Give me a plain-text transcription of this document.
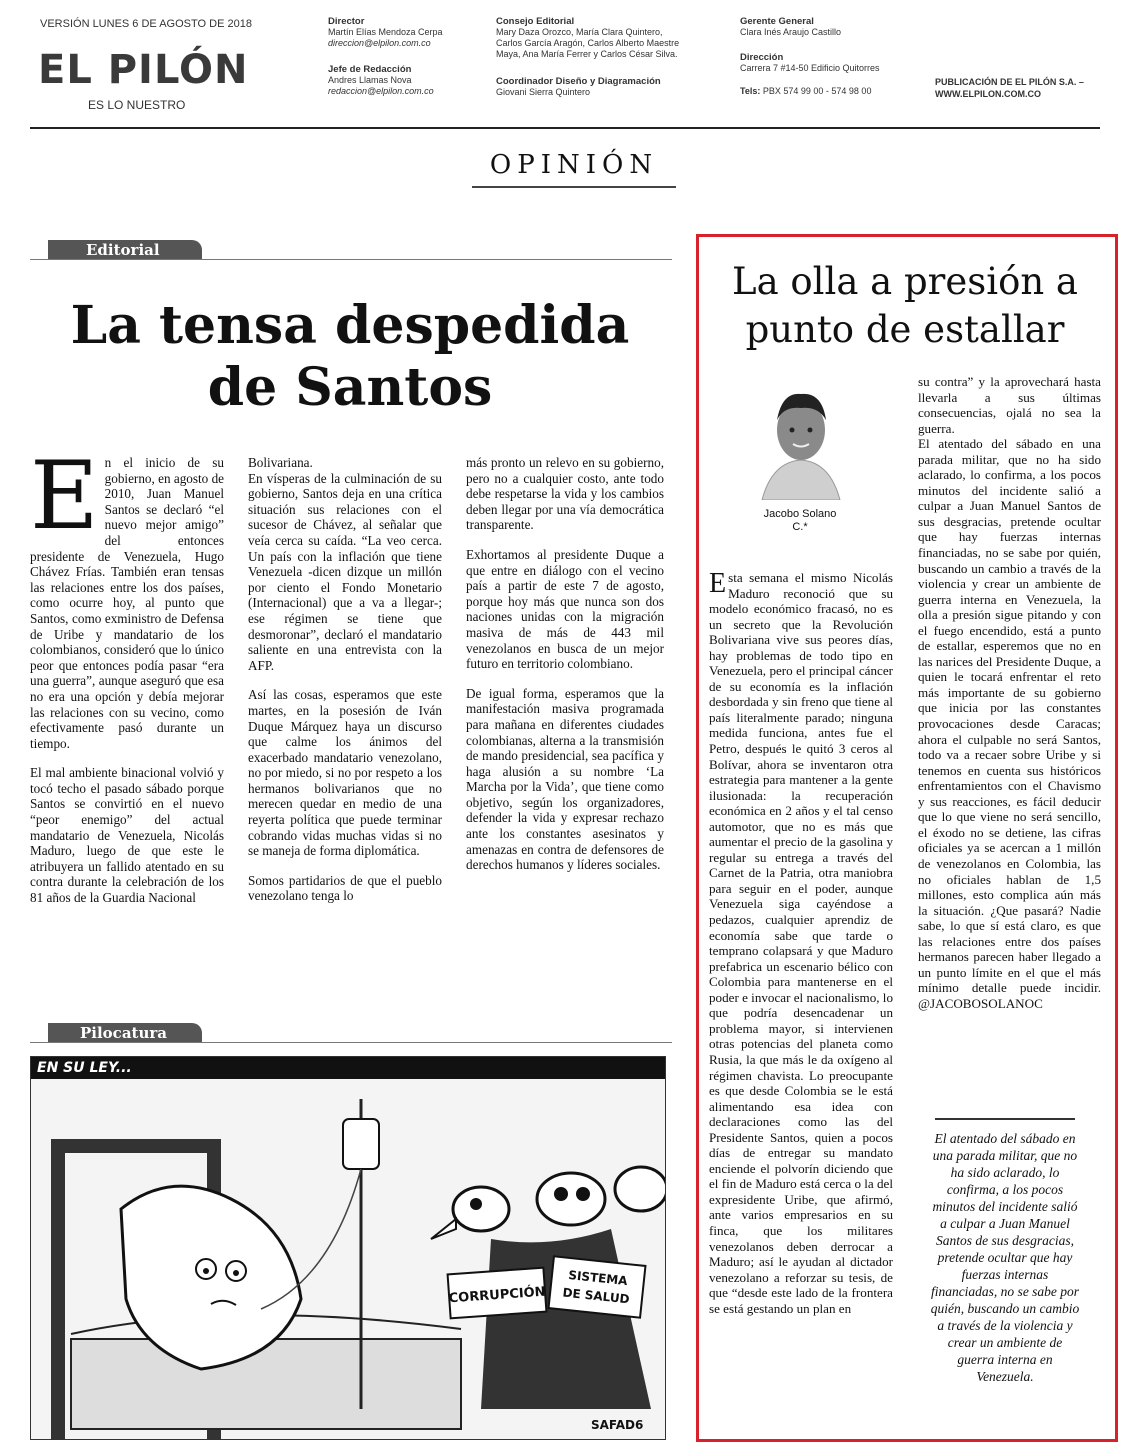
VERSIÓN LUNES 6 DE AGOSTO DE 2018
EL PILÓN
ES LO NUESTRO
Director
Martín Elías Mendoza Cerpa
direccion@elpilon.com.co
Jefe de Redacción
Andres Llamas Nova
redaccion@elpilon.com.co
Consejo Editorial
Mary Daza Orozco, María Clara Quintero,
Carlos García Aragón, Carlos Alberto Maestre
Maya, Ana María Ferrer y Carlos César Silva.
Coordinador Diseño y Diagramación
Giovani Sierra Quintero
Gerente General
Clara Inés Araujo Castillo
Dirección
Carrera 7 #14-50 Edificio Quitorres
Tels: PBX 574 99 00 - 574 98 00
PUBLICACIÓN DE EL PILÓN S.A. –
WWW.ELPILON.COM.CO
OPINIÓN
Editorial
La tensa despedida de Santos

En el inicio de su gobierno, en agosto de 2010, Juan Manuel Santos se declaró “el nuevo mejor amigo” del entonces presidente de Venezuela, Hugo Chávez Frías. También eran tensas las relaciones entre los dos países, como ocurre hoy, al punto que Santos, como exministro de Defensa de Uribe y mandatario de los colombianos, consideró que lo único peor que entonces podía pasar “era una guerra”, aunque aseguró que esa no era una opción y debía mejorar las relaciones con su vecino, como efectivamente pasó durante un tiempo.

El mal ambiente binacional volvió y tocó techo el pasado sábado porque Santos se convirtió en el nuevo “peor enemigo” del actual mandatario de Venezuela, Nicolás Maduro, luego de que este le atribuyera un fallido atentado en su contra durante la celebración de los 81 años de la Guardia Nacional

Bolivariana.

En vísperas de la culminación de su gobierno, Santos deja en una crítica situación sus relaciones con el sucesor de Chávez, al señalar que veía cerca su caída. “La veo cerca. Un país con la inflación que tiene Venezuela -dicen dizque un millón por ciento el Fondo Monetario (Internacional) que a va a llegar-; ese régimen se tiene que desmoronar”, declaró el mandatario saliente en una entrevista con la AFP.

Así las cosas, esperamos que este martes, en la posesión de Iván Duque Márquez haya un discurso que calme los ánimos del exacerbado mandatario venezolano, no por miedo, si no por respeto a los hermanos bolivarianos que no merecen quedar en medio de una reyerta política que puede terminar cobrando vidas muchas vidas si no se maneja de forma diplomática.

Somos partidarios de que el pueblo venezolano tenga lo

más pronto un relevo en su gobierno, pero no a cualquier costo, ante todo debe respetarse la vida y los cambios deben llegar por una vía democrática transparente.

Exhortamos al presidente Duque a que entre en diálogo con el vecino país a partir de este 7 de agosto, porque hoy más que nunca son dos naciones unidas con la migración masiva de más de 443 mil venezolanos en busca de un mejor futuro en territorio colombiano.

De igual forma, esperamos que la manifestación masiva programada para mañana en diferentes ciudades colombianas, alterna a la transmisión de mando presidencial, sea pacífica y haga alusión a su nombre ‘La Marcha por la Vida’, que tiene como objetivo, según los organizadores, defender la vida y expresar rechazo ante los constantes asesinatos y amenazas en contra de defensores de derechos humanos y líderes sociales.

Pilocatura
EN SU LEY...
CORRUPCIÓN
SISTEMA
DE SALUD
SAFAD6
La olla a presión a punto de estallar
Jacobo Solano
C.*

Esta semana el mismo Nicolás Maduro reconoció que su modelo económico fracasó, no es un secreto que la Revolución Bolivariana vive sus peores días, hay problemas de todo tipo en Venezuela, pero el principal cáncer de su economía es la inflación desbordada y sin freno que tiene al país literalmente parado; ninguna medida funciona, antes fue el Petro, después le quitó 3 ceros al Bolívar, ahora se inventaron otra estrategia para mantener a la gente ilusionada: la recuperación económica en 2 años y el tal censo automotor, que no es más que aumentar el precio de la gasolina y regular su entrega a través del Carnet de la Patria, otra maniobra para seguir en el poder, aunque Venezuela siga cayéndose a pedazos, cualquier aprendiz de economía sabe que tarde o temprano colapsará y que Maduro prefabrica un escenario bélico con Colombia para mantenerse en el poder e invocar el nacionalismo, lo que podría desencadenar un problema mayor, si intervienen otras potencias del planeta como Rusia, la que más le da oxígeno al régimen chavista. Lo preocupante es que desde Colombia se le está alimentando esa idea con declaraciones como las del Presidente Santos, quien a pocos días de entregar su mandato enciende el polvorín diciendo que el fin de Maduro está cerca o la del expresidente Uribe, que afirmó, ante varios empresarios en su finca, que los militares venezolanos deben derrocar a Maduro; así le ayudan al dictador venezolano a reforzar su tesis, de que “desde este lado de la frontera se está gestando un plan en

su contra” y la aprovechará hasta llevarla a sus últimas consecuencias, ojalá no sea la guerra.

El atentado del sábado en una parada militar, que no ha sido aclarado, lo confirma, a los pocos minutos del incidente salió a culpar a Juan Manuel Santos de sus desgracias, pretende ocultar que hay fuerzas internas financiadas, no se sabe por quién, buscando un cambio a través de la violencia y crear un ambiente de guerra interna en Venezuela, la olla a presión sigue pitando y con el fuego encendido, está a punto de estallar, esperemos que no en las narices del Presidente Duque, a quien le tocará enfrentar el reto más importante de su gobierno que inicia por las constantes provocaciones desde Caracas; ahora el culpable no será Santos, todo va a recaer sobre Uribe y si tenemos en cuenta sus históricos enfrentamientos con el Chavismo y sus reacciones, es fácil deducir que lo que viene no será sencillo, el éxodo no se detiene, las cifras oficiales ya se acercan a 1 millón de venezolanos en Colombia, las no oficiales hablan de 1,5 millones, esto complica aún más la situación. ¿Que pasará? Nadie sabe, lo que sí está claro, es que las relaciones entre dos países hermanos parecen haber llegado a un punto límite en el que el más mínimo detalle puede incidir. @JACOBOSOLANOC

El atentado del sábado en una parada militar, que no ha sido aclarado, lo confirma, a los pocos minutos del incidente salió a culpar a Juan Manuel Santos de sus desgracias, pretende ocultar que hay fuerzas internas financiadas, no se sabe por quién, buscando un cambio a través de la violencia y crear un ambiente de guerra interna en Venezuela.
